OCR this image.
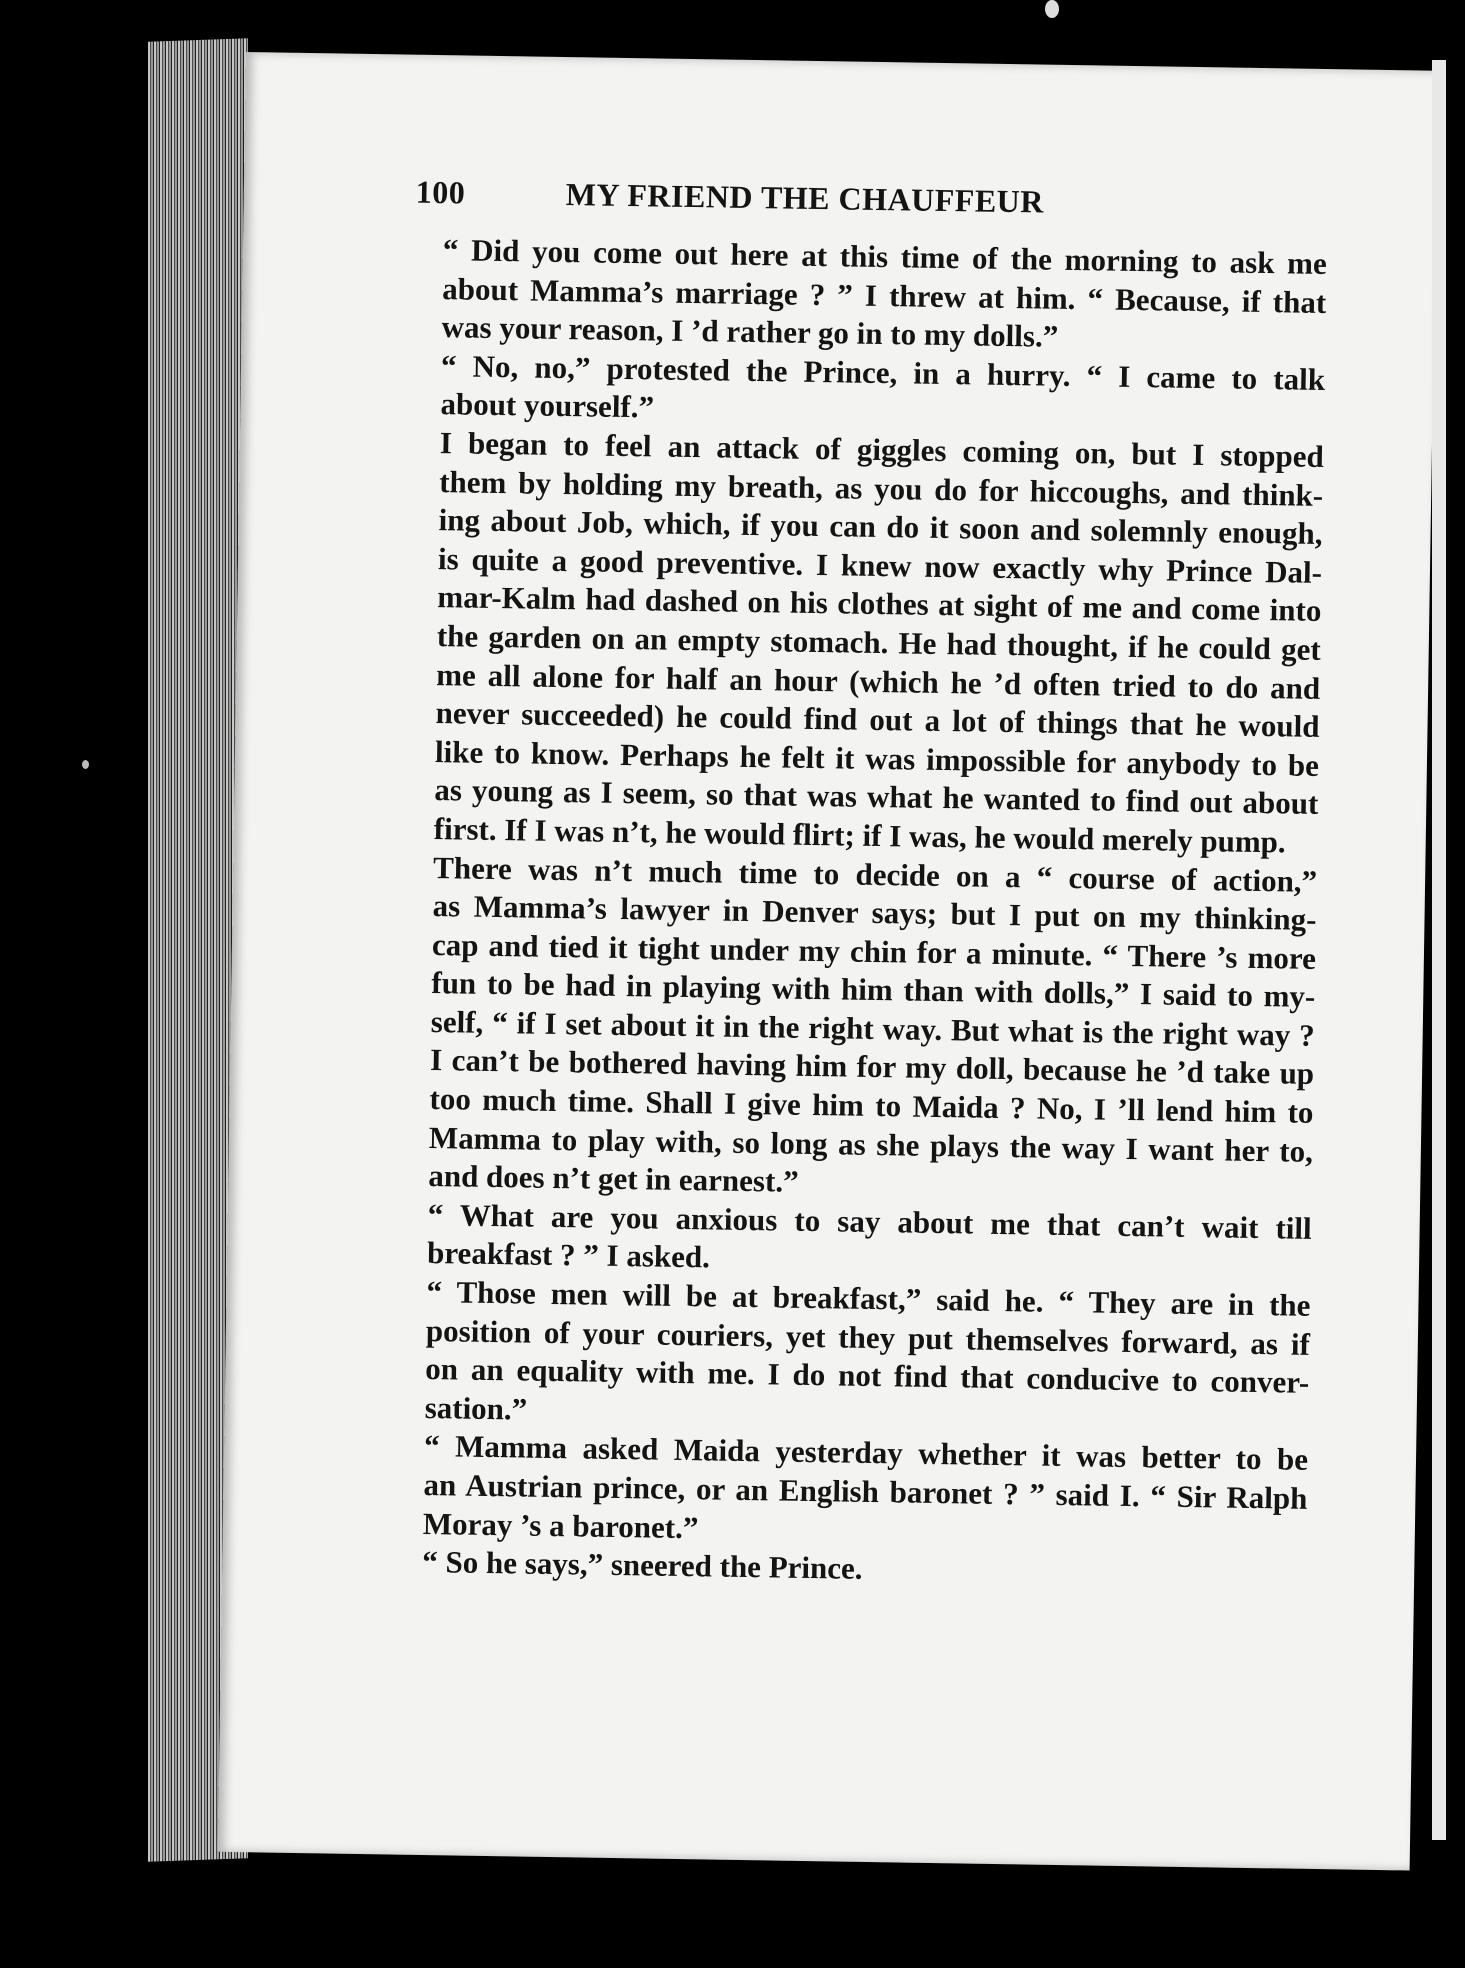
100	MY FRIEND THE CHAUFFEUR
“ Did you come out here at this time of the morning to ask me
about Mamma’s marriage ? ” I threw at him. “ Because, if that
was your reason, I ’d rather go in to my dolls.”
“ No, no,” protested the Prince, in a hurry. “ I came to talk
about yourself.”
I began to feel an attack of giggles coming on, but I stopped
them by holding my breath, as you do for hiccoughs, and think-
ing about Job, which, if you can do it soon and solemnly enough,
is quite a good preventive. I knew now exactly why Prince Dal-
mar-Kalm had dashed on his clothes at sight of me and come into
the garden on an empty stomach. He had thought, if he could get
me all alone for half an hour (which he ’d often tried to do and
never succeeded) he could find out a lot of things that he would
like to know. Perhaps he felt it was impossible for anybody to be
as young as I seem, so that was what he wanted to find out about
first. If I was n’t, he would flirt; if I was, he would merely pump.
There was n’t much time to decide on a “ course of action,”
as Mamma’s lawyer in Denver says; but I put on my thinking-
cap and tied it tight under my chin for a minute. “ There ’s more
fun to be had in playing with him than with dolls,” I said to my-
self, “ if I set about it in the right way. But what is the right way ?
I can’t be bothered having him for my doll, because he ’d take up
too much time. Shall I give him to Maida ? No, I ’ll lend him to
Mamma to play with, so long as she plays the way I want her to,
and does n’t get in earnest.”
“ What are you anxious to say about me that can’t wait till
breakfast ? ” I asked.
“ Those men will be at breakfast,” said he. “ They are in the
position of your couriers, yet they put themselves forward, as if
on an equality with me. I do not find that conducive to conver-
sation.”
“ Mamma asked Maida yesterday whether it was better to be
an Austrian prince, or an English baronet ? ” said I. “ Sir Ralph
Moray ’s a baronet.”
“ So he says,” sneered the Prince.
